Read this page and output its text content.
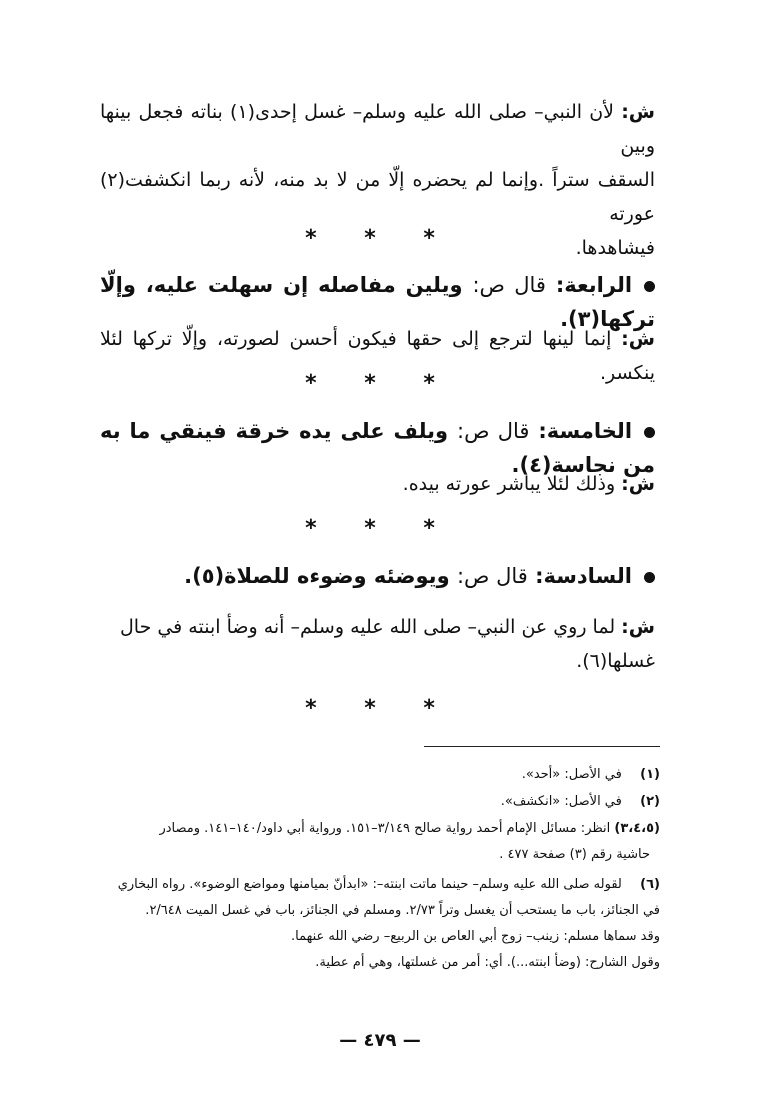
ش: لأن النبي– صلى الله عليه وسلم– غسل إحدى(١) بناته فجعل بينها وبين
السقف ستراً .وإنما لم يحضره إلّا من لا بد منه، لأنه ربما انكشفت(٢) عورته
فيشاهدها.
* * *
الرابعة: قال ص: ويلين مفاصله إن سهلت عليه، وإلّا تركها(٣).
ش: إنما لينها لترجع إلى حقها فيكون أحسن لصورته، وإلّا تركها لئلا ينكسر.
* * *
الخامسة: قال ص: ويلف على يده خرقة فينقي ما به من نجاسة(٤).
ش: وذلك لئلا يباشر عورته بيده.
* * *
السادسة: قال ص: ويوضئه وضوءه للصلاة(٥).
ش: لما روي عن النبي– صلى الله عليه وسلم– أنه وضأ ابنته في حال
غسلها(٦).
* * *
(١) في الأصل: «أحد».
(٢) في الأصل: «انكشف».
(٣،٤،٥) انظر: مسائل الإمام أحمد رواية صالح ٣/١٤٩–١٥١. ورواية أبي داود/١٤٠–١٤١. ومصادر
حاشية رقم (٣) صفحة ٤٧٧ .
(٦) لقوله صلى الله عليه وسلم– حينما ماتت ابنته–: «ابدأنّ بميامنها ومواضع الوضوء». رواه البخاري
في الجنائز، باب ما يستحب أن يغسل وتراً ٢/٧٣. ومسلم في الجنائز، باب في غسل الميت ٢/٦٤٨.
وقد سماها مسلم: زينب– زوج أبي العاص بن الربيع– رضي الله عنهما.
وقول الشارح: (وضأ ابنته...). أي: أمر من غسلتها، وهي أم عطية.
— ٤٧٩ —
